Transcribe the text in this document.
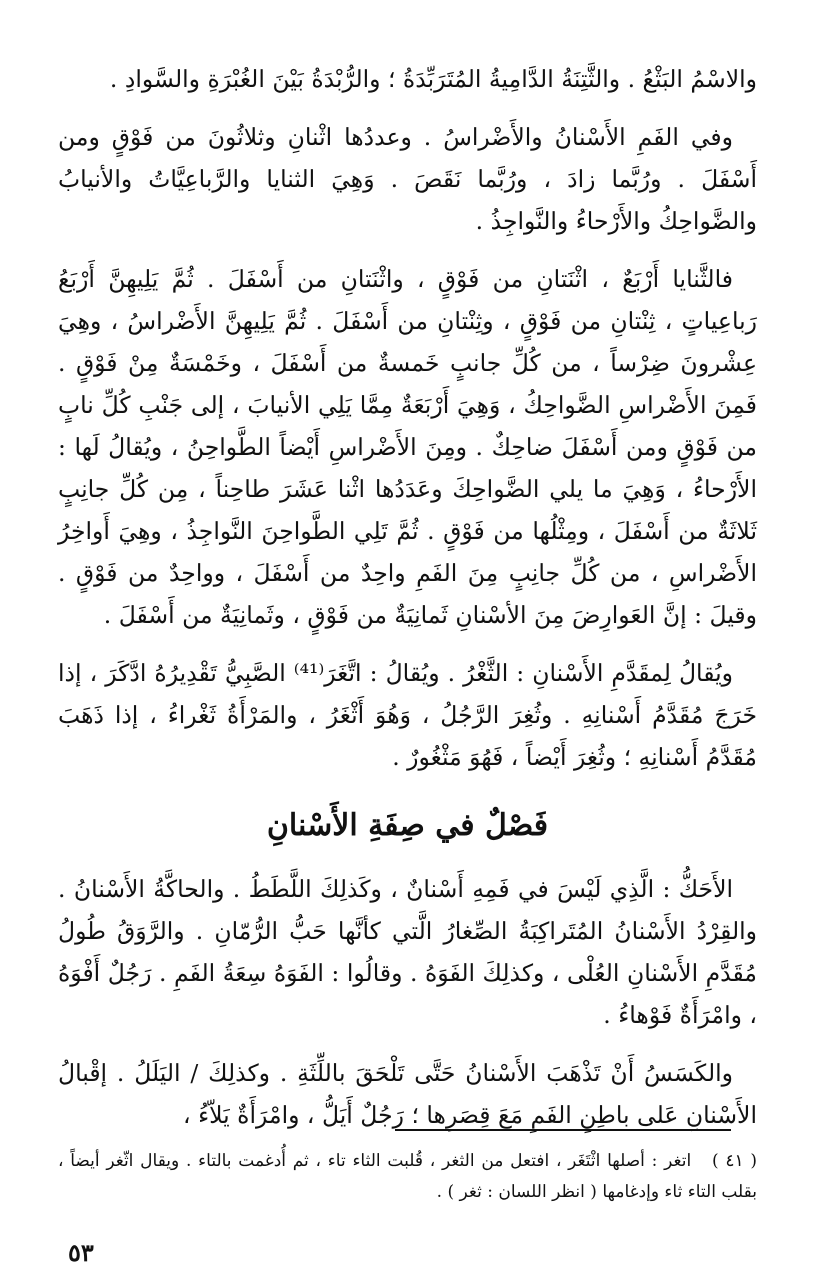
والاسْمُ البَثْعُ . والثَّتِنَةُ الدَّامِيةُ المُتَرَبِّدَةُ ؛ والرُّبْدَةُ بَيْنَ الغُبْرَةِ والسَّوادِ .

وفي الفَمِ الأَسْنانُ والأَضْراسُ . وعددُها اثْنانِ وثلاثُونَ من فَوْقٍ ومن أَسْفَلَ . ورُبَّما زادَ ، ورُبَّما نَقَصَ . وَهِيَ الثنايا والرَّباعِيَّاتُ والأنيابُ والضَّواحِكُ والأَرْحاءُ والنَّواجِذُ .

فالثَّنايا أَرْبَعٌ ، اثْنَتانِ من فَوْقٍ ، واثْنَتانِ من أَسْفَلَ . ثُمَّ يَلِيهِنَّ أَرْبَعُ رَباعِياتٍ ، ثِنْتانِ من فَوْقٍ ، وثِنْتانِ من أَسْفَلَ . ثُمَّ يَلِيهِنَّ الأَضْراسُ ، وهِيَ عِشْرونَ ضِرْساً ، من كُلِّ جانبٍ خَمسةٌ من أَسْفَلَ ، وخَمْسَةٌ مِنْ فَوْقٍ . فَمِنَ الأَضْراسِ الضَّواحِكُ ، وَهِيَ أَرْبَعَةٌ مِمَّا يَلِي الأنيابَ ، إلى جَنْبِ كُلِّ نابٍ من فَوْقٍ ومن أَسْفَلَ ضاحِكٌ . ومِنَ الأَضْراسِ أَيْضاً الطَّواحِنُ ، ويُقالُ لَها : الأَرْحاءُ ، وَهِيَ ما يلي الضَّواحِكَ وعَدَدُها اثْنا عَشَرَ طاحِناً ، مِن كُلِّ جانِبٍ ثَلاثَةٌ من أَسْفَلَ ، ومِثْلُها من فَوْقٍ . ثُمَّ تَلِي الطَّواحِنَ النَّواجِذُ ، وهِيَ أَواخِرُ الأَضْراسِ ، من كُلِّ جانِبٍ مِنَ الفَمِ واحِدٌ من أَسْفَلَ ، وواحِدٌ من فَوْقٍ . وقيلَ : إنَّ العَوارِضَ مِنَ الأسْنانِ ثَمانِيَةٌ من فَوْقٍ ، وثَمانِيَةٌ من أَسْفَلَ .

ويُقالُ لِمقَدَّمِ الأَسْنانِ : الثَّغْرُ . ويُقالُ : اتَّغَرَ⁽⁴¹⁾ الصَّبِيُّ تَقْدِيرُهُ ادَّكَرَ ، إذا خَرَجَ مُقَدَّمُ أَسْنانِهِ . وثُغِرَ الرَّجُلُ ، وَهُوَ أَثْغَرُ ، والمَرْأَةُ ثَغْراءُ ، إذا ذَهَبَ مُقَدَّمُ أَسْنانِهِ ؛ وثُغِرَ أَيْضاً ، فَهُوَ مَثْغُورٌ .

فَصْلٌ في صِفَةِ الأَسْنانِ

الأَحَكُّ : الَّذِي لَيْسَ في فَمِهِ أَسْنانٌ ، وكَذلِكَ اللَّطَطُ . والحاكَّةُ الأَسْنانُ . والقِرْدُ الأَسْنانُ المُتَراكِبَةُ الصِّغارُ الَّتي كأنَّها حَبُّ الرُّمّانِ . والرَّوَقُ طُولُ مُقَدَّمِ الأَسْنانِ العُلْى ، وكذلِكَ الفَوَهُ . وقالُوا : الفَوَهُ سِعَةُ الفَمِ . رَجُلٌ أَفْوَهُ ، وامْرَأَةٌ فَوْهاءُ .

والكَسَسُ أَنْ تَذْهَبَ الأَسْنانُ حَتَّى تَلْحَقَ باللِّثَةِ . وكذلِكَ / اليَلَلُ . إقْبالُ الأَسْنانِ عَلى باطِنِ الفَمِ مَعَ قِصَرِها ؛ رَجُلٌ أَيَلُّ ، وامْرَأَةٌ يَلاّءُ ،

( ٤١ ) اتغر : أصلها اثْتَغَر ، افتعل من الثغر ، قُلبت الثاء تاء ، ثم أُدغمت بالتاء . ويقال اثّغر أيضاً ، بقلب التاء ثاء وإدغامها ( انظر اللسان : ثغر ) .
٥٣
